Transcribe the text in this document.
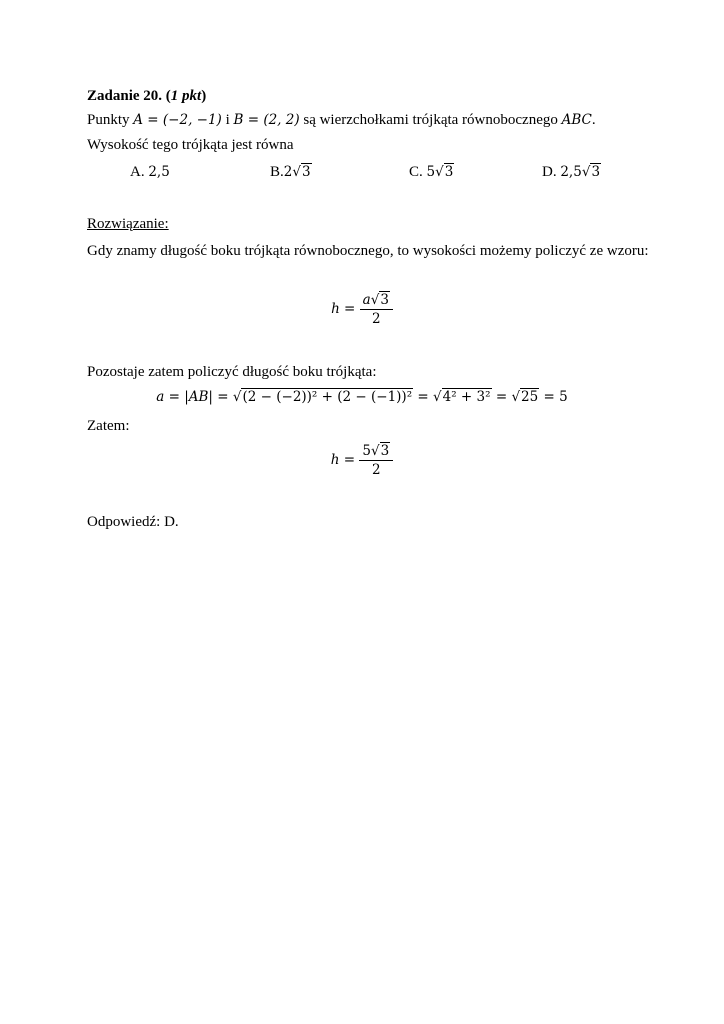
Zadanie 20. (1 pkt)
Punkty A = (−2, −1) i B = (2, 2) są wierzchołkami trójkąta równobocznego ABC.
Wysokość tego trójkąta jest równa
A. 2,5	B.2√3	C. 5√3	D. 2,5√3
Rozwiązanie:
Gdy znamy długość boku trójkąta równobocznego, to wysokości możemy policzyć ze wzoru:
$h = \frac{a√3}{2}$
Pozostaje zatem policzyć długość boku trójkąta:
a = |AB| = √(2 − (−2))² + (2 − (−1))² = √4² + 3² = √25 = 5
Zatem:
$h = \frac{5√3}{2}$
Odpowiedź: D.
